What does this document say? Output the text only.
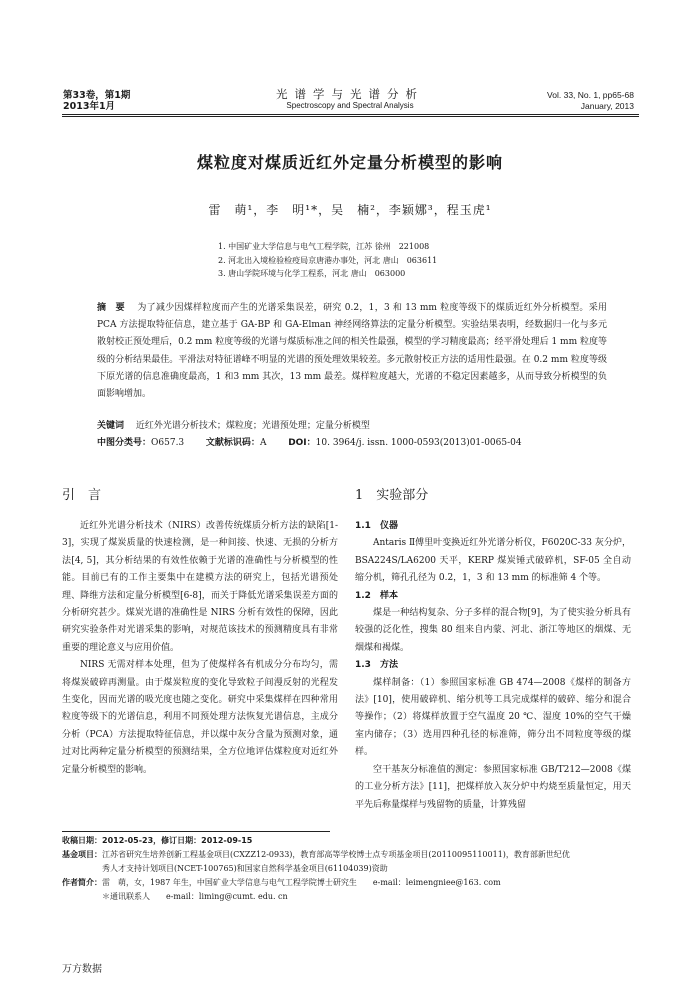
第33卷，第1期
2013年1月
光谱学与光谱分析
Spectroscopy and Spectral Analysis
Vol. 33, No. 1, pp65-68
January, 2013
煤粒度对煤质近红外定量分析模型的影响
雷　萌¹，李　明¹*，吴　楠²，李颖娜³，程玉虎¹
1. 中国矿业大学信息与电气工程学院，江苏 徐州　221008
2. 河北出入境检验检疫局京唐港办事处，河北 唐山　063611
3. 唐山学院环境与化学工程系，河北 唐山　063000
摘　要 　 为了减少因煤样粒度而产生的光谱采集误差，研究 0.2，1，3 和 13 mm 粒度等级下的煤质近红外分析模型。采用 PCA 方法提取特征信息，建立基于 GA-BP 和 GA-Elman 神经网络算法的定量分析模型。实验结果表明，经数据归一化与多元散射校正预处理后，0.2 mm 粒度等级的光谱与煤质标准之间的相关性最强，模型的学习精度最高；经平滑处理后 1 mm 粒度等级的分析结果最佳。平滑法对特征谱峰不明显的光谱的预处理效果较差。多元散射校正方法的适用性最强。在 0.2 mm 粒度等级下原光谱的信息准确度最高，1 和3 mm 其次，13 mm 最差。煤样粒度越大，光谱的不稳定因素越多，从而导致分析模型的负面影响增加。
关键词 　 近红外光谱分析技术；煤粒度；光谱预处理；定量分析模型
中图分类号：O657.3 文献标识码：A DOI：10. 3964/j. issn. 1000-0593(2013)01-0065-04
引　言	1　实验部分

近红外光谱分析技术（NIRS）改善传统煤质分析方法的缺陷[1-3]，实现了煤炭质量的快速检测，是一种间接、快速、无损的分析方法[4, 5]，其分析结果的有效性依赖于光谱的准确性与分析模型的性能。目前已有的工作主要集中在建模方法的研究上，包括光谱预处理、降维方法和定量分析模型[6-8]，而关于降低光谱采集误差方面的分析研究甚少。煤炭光谱的准确性是 NIRS 分析有效性的保障，因此研究实验条件对光谱采集的影响，对规范该技术的预测精度具有非常重要的理论意义与应用价值。

NIRS 无需对样本处理，但为了使煤样各有机成分分布均匀，需将煤炭破碎再测量。由于煤炭粒度的变化导致粒子间漫反射的光程发生变化，因而光谱的吸光度也随之变化。研究中采集煤样在四种常用粒度等级下的光谱信息，利用不同预处理方法恢复光谱信息，主成分分析（PCA）方法提取特征信息，并以煤中灰分含量为预测对象，通过对比两种定量分析模型的预测结果，全方位地评估煤粒度对近红外定量分析模型的影响。

1.1　仪器

Antaris Ⅱ傅里叶变换近红外光谱分析仪，F6020C-33 灰分炉，BSA224S/LA6200 天平，KERP 煤炭锤式破碎机，SF-05 全自动缩分机，筛孔孔径为 0.2，1，3 和 13 mm 的标准筛 4 个等。

1.2　样本

煤是一种结构复杂、分子多样的混合物[9]，为了使实验分析具有较强的泛化性，搜集 80 组来自内蒙、河北、浙江等地区的烟煤、无烟煤和褐煤。

1.3　方法

煤样制备：（1）参照国家标准 GB 474—2008《煤样的制备方法》[10]，使用破碎机、缩分机等工具完成煤样的破碎、缩分和混合等操作；（2）将煤样放置于空气温度 20 ℃、湿度 10%的空气干燥室内储存；（3）选用四种孔径的标准筛，筛分出不同粒度等级的煤样。

空干基灰分标准值的测定：参照国家标准 GB/T212—2008《煤的工业分析方法》[11]，把煤样放入灰分炉中灼烧至质量恒定，用天平先后称量煤样与残留物的质量，计算残留

收稿日期：2012-05-23，修订日期：2012-09-15
基金项目：江苏省研究生培养创新工程基金项目(CXZZ12-0933)，教育部高等学校博士点专项基金项目(20110095110011)，教育部新世纪优
秀人才支持计划项目(NCET-100765)和国家自然科学基金项目(61104039)资助
作者简介：雷　萌，女，1987 年生，中国矿业大学信息与电气工程学院博士研究生　　e-mail：leimengniee@163. com
＊通讯联系人　　e-mail：liming@cumt. edu. cn
万方数据
